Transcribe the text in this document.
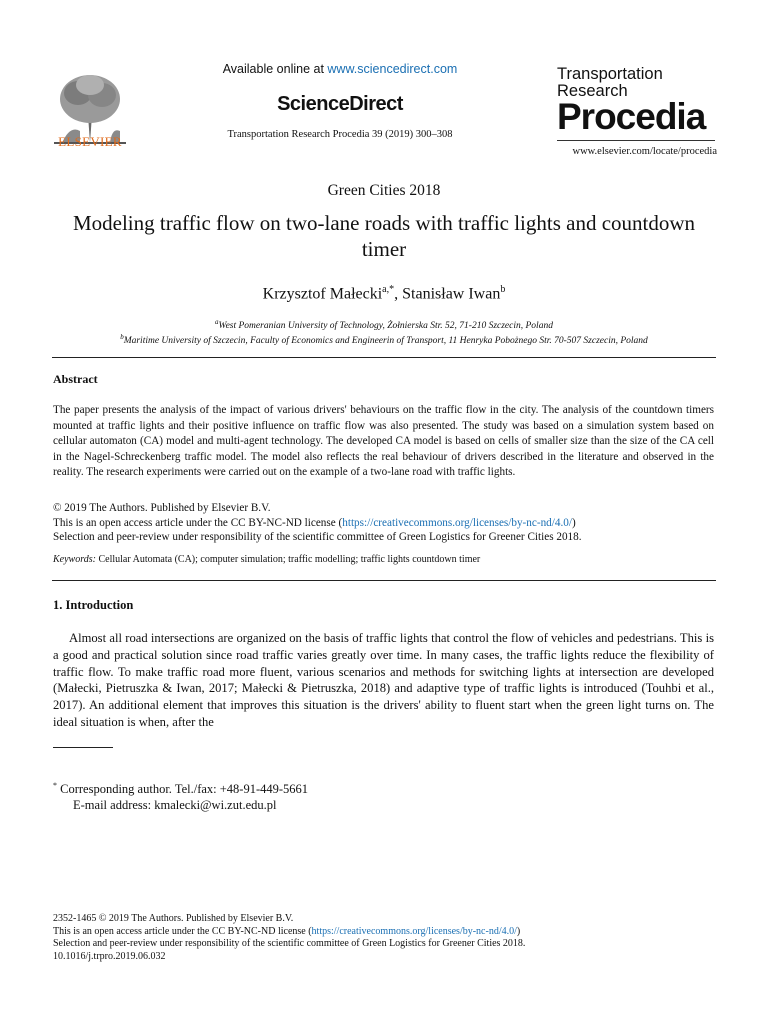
ELSEVIER
Available online at www.sciencedirect.com
ScienceDirect
Transportation Research Procedia 39 (2019) 300–308
Transportation
Research
Procedia
www.elsevier.com/locate/procedia
Green Cities 2018
Modeling traffic flow on two-lane roads with traffic lights and countdown timer
Krzysztof Małecki$^{a,*}$, Stanisław Iwan$^b$
$^a$West Pomeranian University of Technology, Żołnierska Str. 52, 71-210 Szczecin, Poland
$^b$Maritime University of Szczecin, Faculty of Economics and Engineerin of Transport, 11 Henryka Pobożnego Str. 70-507 Szczecin, Poland
Abstract
The paper presents the analysis of the impact of various drivers' behaviours on the traffic flow in the city. The analysis of the countdown timers mounted at traffic lights and their positive influence on traffic flow was also presented. The study was based on a simulation system based on cellular automaton (CA) model and multi-agent technology. The developed CA model is based on cells of smaller size than the size of the CA cell in the Nagel-Schreckenberg traffic model. The model also reflects the real behaviour of drivers described in the literature and observed in the reality. The research experiments were carried out on the example of a two-lane road with traffic lights.
© 2019 The Authors. Published by Elsevier B.V.
This is an open access article under the CC BY-NC-ND license (https://creativecommons.org/licenses/by-nc-nd/4.0/)
Selection and peer-review under responsibility of the scientific committee of Green Logistics for Greener Cities 2018.
Keywords: Cellular Automata (CA); computer simulation; traffic modelling; traffic lights countdown timer
1. Introduction
Almost all road intersections are organized on the basis of traffic lights that control the flow of vehicles and pedestrians. This is a good and practical solution since road traffic varies greatly over time. In many cases, the traffic lights reduce the flexibility of traffic flow. To make traffic road more fluent, various scenarios and methods for switching lights at intersection are developed (Małecki, Pietruszka & Iwan, 2017; Małecki & Pietruszka, 2018) and adaptive type of traffic lights is introduced (Touhbi et al., 2017). An additional element that improves this situation is the drivers' ability to fluent start when the green light turns on. The ideal situation is when, after the
* Corresponding author. Tel./fax: +48-91-449-5661
E-mail address: kmalecki@wi.zut.edu.pl
2352-1465 © 2019 The Authors. Published by Elsevier B.V.
This is an open access article under the CC BY-NC-ND license (https://creativecommons.org/licenses/by-nc-nd/4.0/)
Selection and peer-review under responsibility of the scientific committee of Green Logistics for Greener Cities 2018.
10.1016/j.trpro.2019.06.032
